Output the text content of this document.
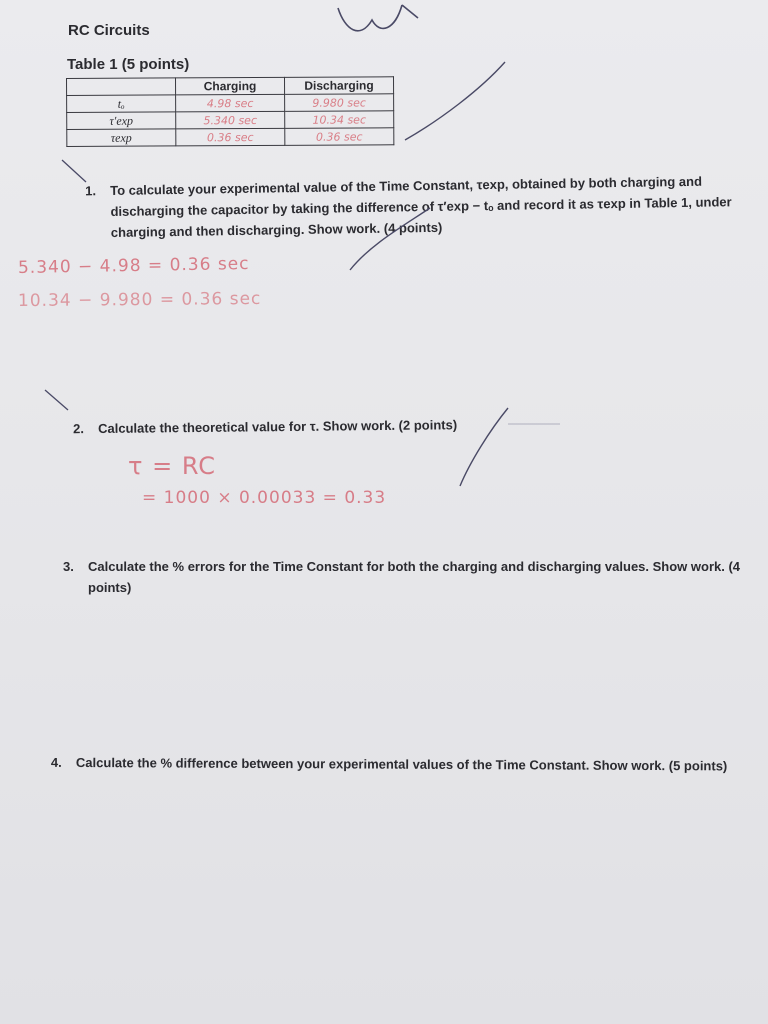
RC Circuits
Table 1 (5 points)
	Charging	Discharging
tₒ	4.98 sec	9.980 sec
τ′exp	5.340 sec	10.34 sec
τexp	0.36 sec	0.36 sec
1. To calculate your experimental value of the Time Constant, τexp, obtained by both charging and discharging the capacitor by taking the difference of τ′exp − tₒ and record it as τexp in Table 1, under charging and then discharging. Show work. (4 points)
5.340 − 4.98 = 0.36 sec
10.34 − 9.980 = 0.36 sec
2. Calculate the theoretical value for τ. Show work. (2 points)
τ = RC
= 1000 × 0.00033 = 0.33
3. Calculate the % errors for the Time Constant for both the charging and discharging values. Show work. (4 points)
4. Calculate the % difference between your experimental values of the Time Constant. Show work. (5 points)
